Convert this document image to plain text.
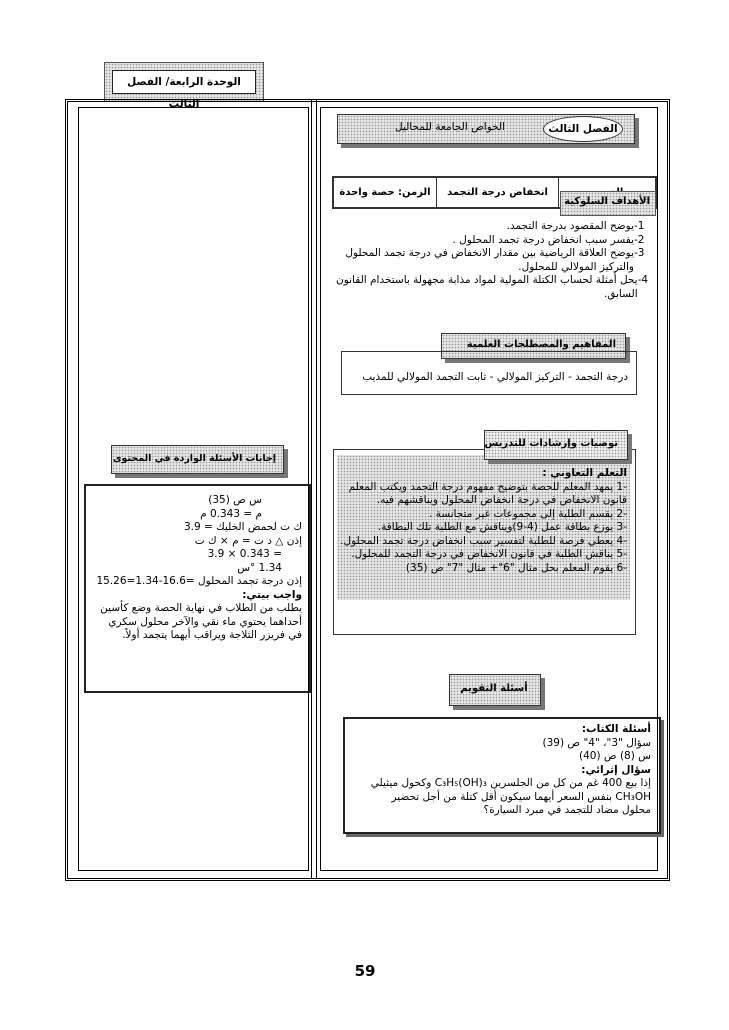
الوحدة الرابعة/ الفصل الثالث
الخواص الجامعة للمحاليل	الفصل الثالث
انخفاض درجة التجمد
الزمن: حصة واحدة
الأهداف السلوكية
-1
يوضح المقصود بدرجة التجمد.
-2
يفسر سبب انخفاض درجة تجمد المحلول .
-3
يوضح العلاقة الرياضية بين مقدار الانخفاض في درجة تجمد المحلول
والتركيز المولالي للمحلول.
-4
يحل أمثلة لحساب الكتلة المولية لمواد مذابة مجهولة باستخدام القانون
السابق.
المفاهيم والمصطلحات العلمية
درجة التجمد - التركيز المولالي - ثابت التجمد المولالي للمذيب
التعلم التعاوني :
-1 يمهد المعلم للحصة بتوضيح مفهوم درجة التجمد ويكتب المعلم
قانون الانخفاض في درجة انخفاض المحلول ويناقشهم فيه.
-2 يقسم الطلبة إلى مجموعات غير متجانسة .
-3 يوزع بطاقة عمل (4-9)ويناقش مع الطلبة تلك البطاقة.
-4 يعطي فرصة للطلبة لتفسير سبب انخفاض درجة تجمد المحلول.
-5 يناقش الطلبة في قانون الانخفاض في درجة التجمد للمحلول.
-6 يقوم المعلم بحل مثال "6"+ مثال "7" ص (35)
توصيات وإرشادات للتدريس
أسئلة التقويم
أسئلة الكتاب:
سؤال "3"، "4" ص (39)
س (8) ص (40)
سؤال إثرائي:
إذا بيع 400 غم من كل من الجلسرين C₃H₅(OH)₃ وكحول ميثيلي
CH₃OH بنفس السعر أيهما سيكون أقل كتلة من أجل تحضير
محلول مضاد للتجمد في مبرد السيارة؟
إجابات الأسئلة الواردة في المحتوى
س ص (35)
م = 0.343 م
ك ت لحمض الخليك = 3.9
إذن △ د ت = م × ك ت
= 0.343 × 3.9
1.34 °س
إذن درجة تجمد المحلول =16.6-1.34=15.26
واجب بيتي:
يطلب من الطلاب في نهاية الحصة وضع كأسين
أحداهما يحتوي ماء نقي والآخر محلول سكري
في فريزر الثلاجة ويراقب أيهما يتجمد أولاً.
59
